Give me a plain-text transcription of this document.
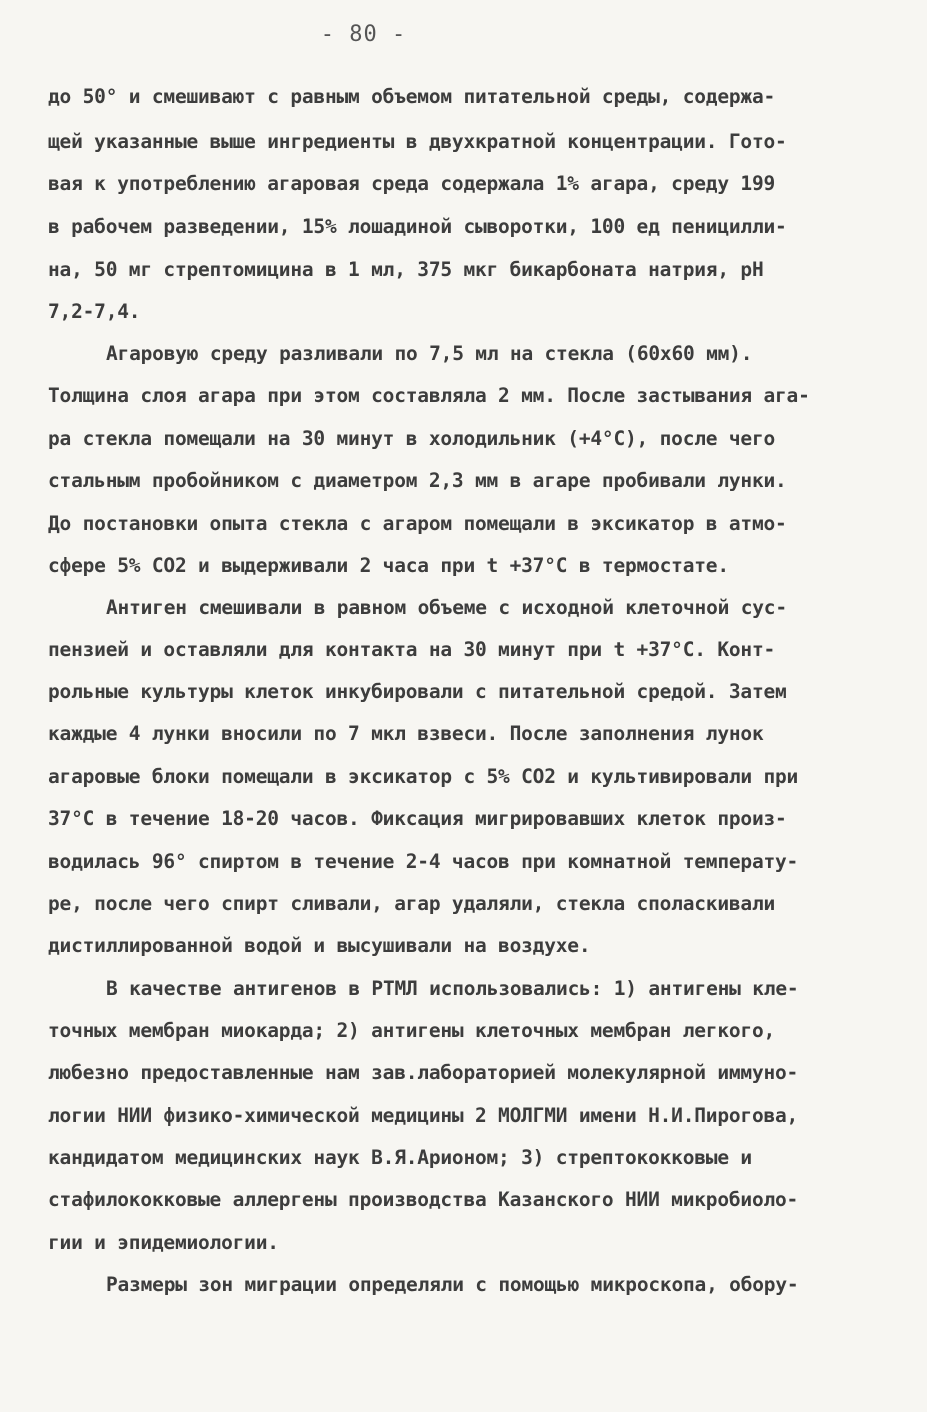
- 80 -
до 50° и смешивают с равным объемом питательной среды, содержа-
щей указанные выше ингредиенты в двухкратной концентрации. Гото-
вая к употреблению агаровая среда содержала 1% агара, среду 199
в рабочем разведении, 15% лошадиной сыворотки, 100 ед пеницилли-
на, 50 мг стрептомицина в 1 мл, 375 мкг бикарбоната натрия, рН
7,2-7,4.
Агаровую среду разливали по 7,5 мл на стекла (60х60 мм).
Толщина слоя агара при этом составляла 2 мм. После застывания ага-
ра стекла помещали на 30 минут в холодильник (+4°С), после чего
стальным пробойником с диаметром 2,3 мм в агаре пробивали лунки.
До постановки опыта стекла с агаром помещали в эксикатор в атмо-
сфере 5% СО2 и выдерживали 2 часа при t +37°С в термостате.
Антиген смешивали в равном объеме с исходной клеточной сус-
пензией и оставляли для контакта на 30 минут при t +37°С. Конт-
рольные культуры клеток инкубировали с питательной средой. Затем
каждые 4 лунки вносили по 7 мкл взвеси. После заполнения лунок
агаровые блоки помещали в эксикатор с 5% СО2 и культивировали при
37°С в течение 18-20 часов. Фиксация мигрировавших клеток произ-
водилась 96° спиртом в течение 2-4 часов при комнатной температу-
ре, после чего спирт сливали, агар удаляли, стекла споласкивали
дистиллированной водой и высушивали на воздухе.
В качестве антигенов в РТМЛ использовались: 1) антигены кле-
точных мембран миокарда; 2) антигены клеточных мембран легкого,
любезно предоставленные нам зав.лабораторией молекулярной иммуно-
логии НИИ физико-химической медицины 2 МОЛГМИ имени Н.И.Пирогова,
кандидатом медицинских наук В.Я.Арионом; 3) стрептококковые и
стафилококковые аллергены производства Казанского НИИ микробиоло-
гии и эпидемиологии.
Размеры зон миграции определяли с помощью микроскопа, обору-
